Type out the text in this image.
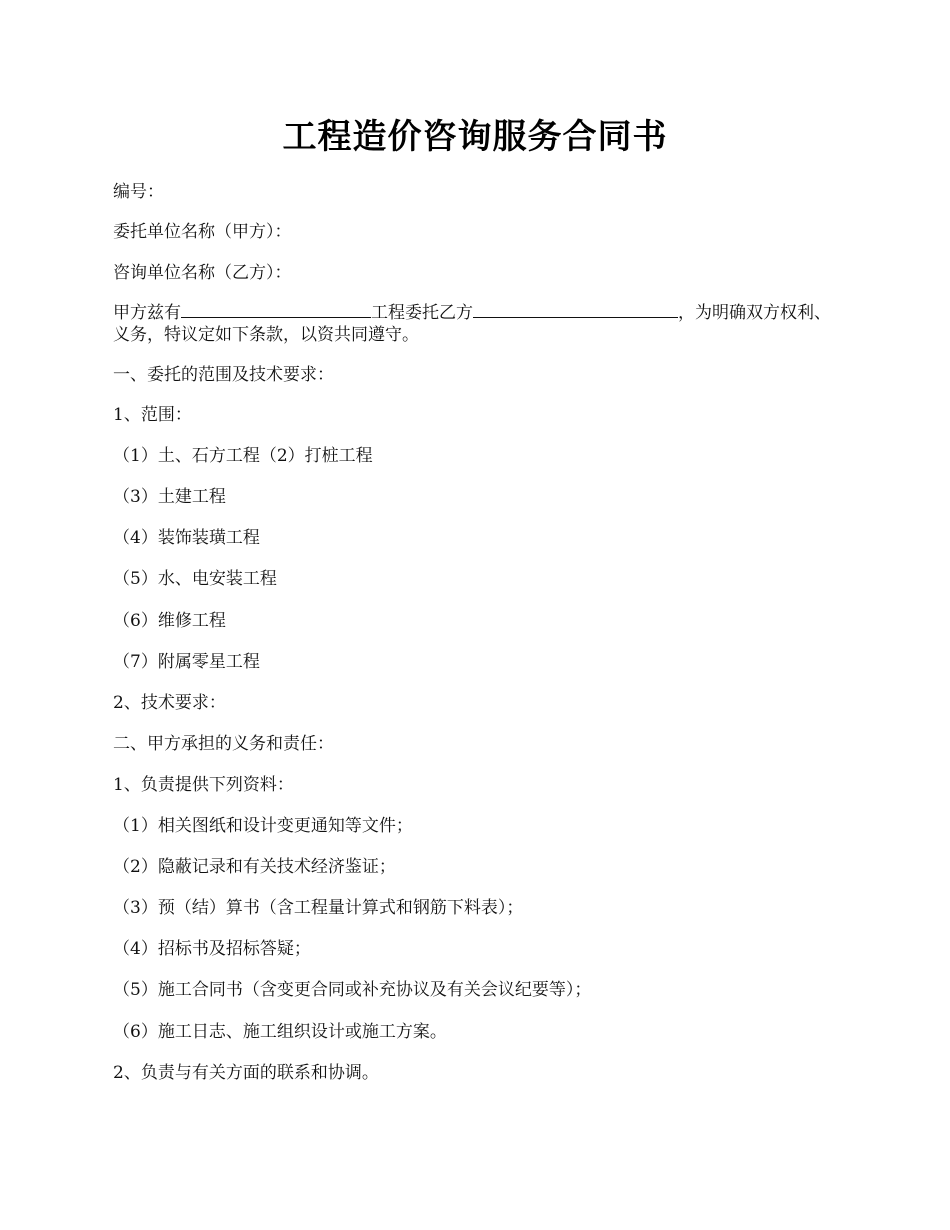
工程造价咨询服务合同书
编号：
委托单位名称（甲方）：
咨询单位名称（乙方）：
甲方兹有	工程委托乙方	，为明确双方权利、义务，特议定如下条款，以资共同遵守。
一、委托的范围及技术要求：
1、范围：
（1）土、石方工程（2）打桩工程
（3）土建工程
（4）装饰装璜工程
（5）水、电安装工程
（6）维修工程
（7）附属零星工程
2、技术要求：
二、甲方承担的义务和责任：
1、负责提供下列资料：
（1）相关图纸和设计变更通知等文件；
（2）隐蔽记录和有关技术经济鉴证；
（3）预（结）算书（含工程量计算式和钢筋下料表）；
（4）招标书及招标答疑；
（5）施工合同书（含变更合同或补充协议及有关会议纪要等）；
（6）施工日志、施工组织设计或施工方案。
2、负责与有关方面的联系和协调。
